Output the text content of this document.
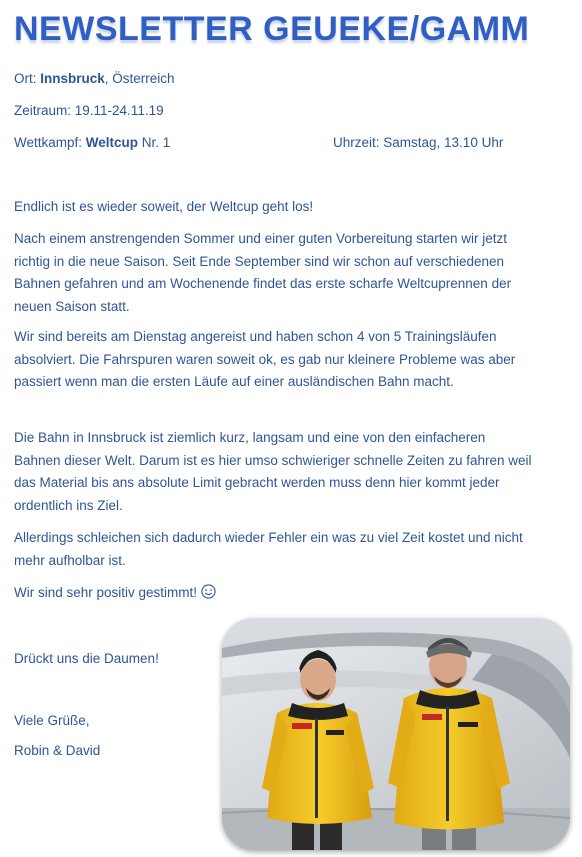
NEWSLETTER GEUEKE/GAMM
Ort: Innsbruck, Österreich
Zeitraum: 19.11-24.11.19
Wettkampf: Weltcup Nr. 1	Uhrzeit: Samstag, 13.10 Uhr
Endlich ist es wieder soweit, der Weltcup geht los!
Nach einem anstrengenden Sommer und einer guten Vorbereitung starten wir jetzt richtig in die neue Saison. Seit Ende September sind wir schon auf verschiedenen Bahnen gefahren und am Wochenende findet das erste scharfe Weltcuprennen der neuen Saison statt.
Wir sind bereits am Dienstag angereist und haben schon 4 von 5 Trainingsläufen absolviert. Die Fahrspuren waren soweit ok, es gab nur kleinere Probleme was aber passiert wenn man die ersten Läufe auf einer ausländischen Bahn macht.
Die Bahn in Innsbruck ist ziemlich kurz, langsam und eine von den einfacheren Bahnen dieser Welt. Darum ist es hier umso schwieriger schnelle Zeiten zu fahren weil das Material bis ans absolute Limit gebracht werden muss denn hier kommt jeder ordentlich ins Ziel.
Allerdings schleichen sich dadurch wieder Fehler ein was zu viel Zeit kostet und nicht mehr aufholbar ist.
Wir sind sehr positiv gestimmt!
Drückt uns die Daumen!
Viele Grüße,
Robin & David
